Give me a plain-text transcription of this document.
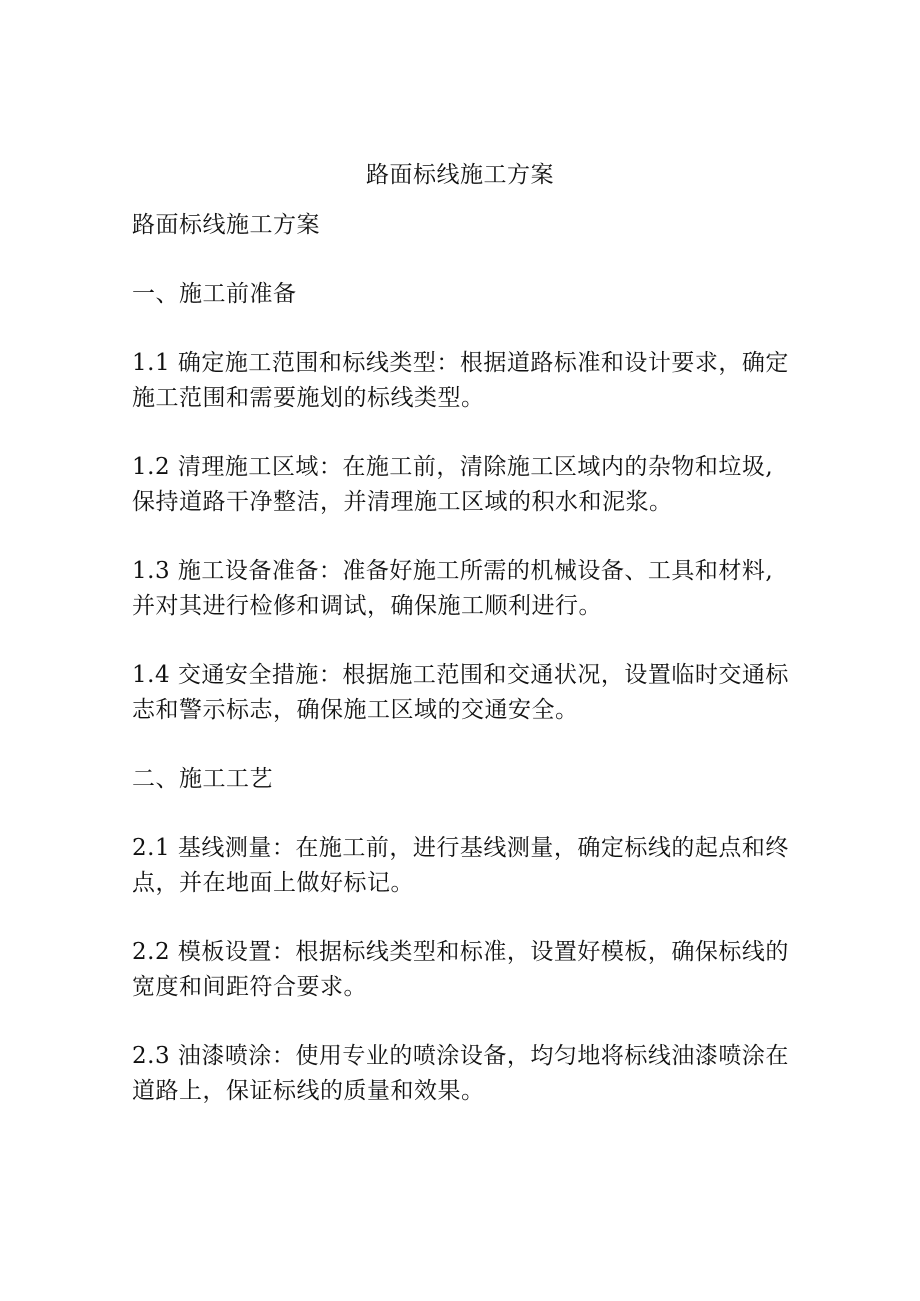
路面标线施工方案

路面标线施工方案

一、施工前准备

1.1 确定施工范围和标线类型：根据道路标准和设计要求，确定施工范围和需要施划的标线类型。

1.2 清理施工区域：在施工前，清除施工区域内的杂物和垃圾,保持道路干净整洁，并清理施工区域的积水和泥浆。

1.3 施工设备准备：准备好施工所需的机械设备、工具和材料,并对其进行检修和调试，确保施工顺利进行。

1.4 交通安全措施：根据施工范围和交通状况，设置临时交通标志和警示标志，确保施工区域的交通安全。

二、施工工艺

2.1 基线测量：在施工前，进行基线测量，确定标线的起点和终点，并在地面上做好标记。

2.2 模板设置：根据标线类型和标准，设置好模板，确保标线的宽度和间距符合要求。

2.3 油漆喷涂：使用专业的喷涂设备，均匀地将标线油漆喷涂在道路上，保证标线的质量和效果。
